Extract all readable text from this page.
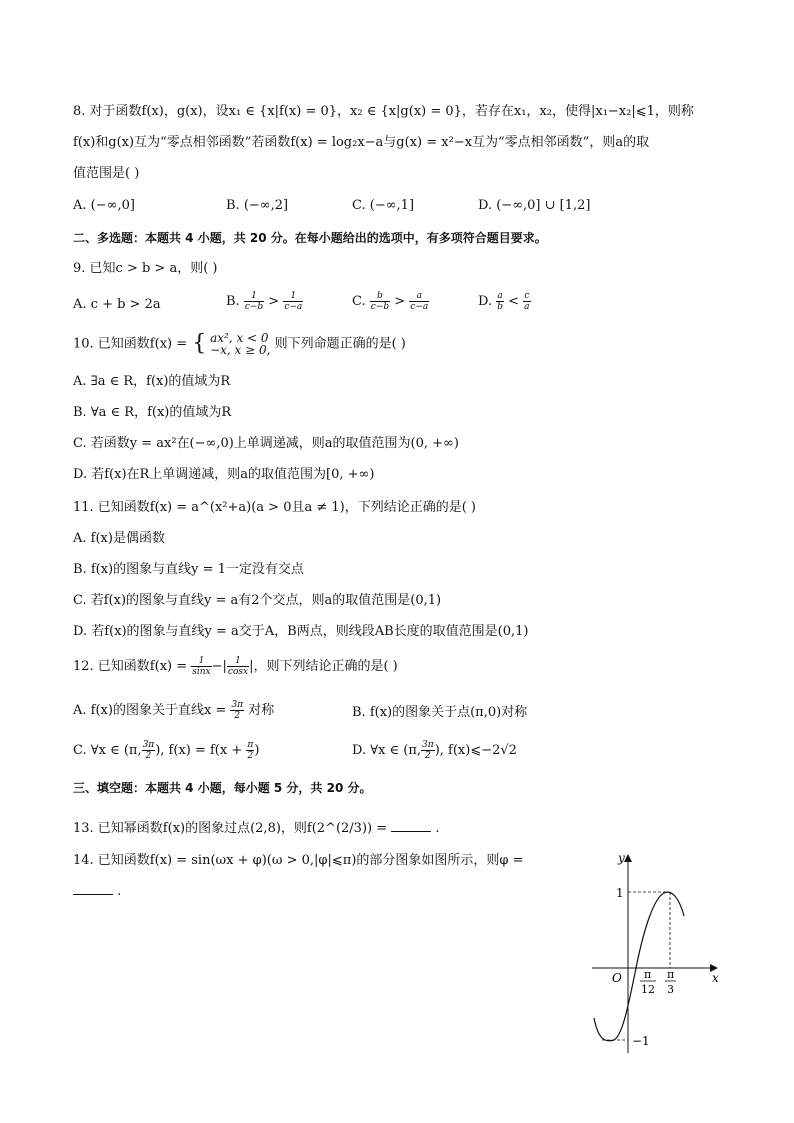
8. 对于函数f(x)，g(x)，设x₁ ∈ {x|f(x) = 0}，x₂ ∈ {x|g(x) = 0}，若存在x₁，x₂，使得|x₁−x₂|⩽1，则称
f(x)和g(x)互为“零点相邻函数”若函数f(x) = log₂x−a与g(x) = x²−x互为“零点相邻函数”，则a的取
值范围是( )
A. (−∞,0]	B. (−∞,2]	C. (−∞,1]	D. (−∞,0] ∪ [1,2]
二、多选题：本题共 4 小题，共 20 分。在每小题给出的选项中，有多项符合题目要求。
9. 已知c > b > a，则( )
A. c + b > 2a	B. $\frac{1}{c-b} > \frac{1}{c-a}$	C. $\frac{b}{c-b} > \frac{a}{c-a}$	D. $\frac{a}{b} < \frac{c}{a}$
10. 已知函数f(x) = { ax², x < 0
−x, x ≥ 0, 则下列命题正确的是( )
A. ∃a ∈ R，f(x)的值域为R
B. ∀a ∈ R，f(x)的值域为R
C. 若函数y = ax²在(−∞,0)上单调递减，则a的取值范围为(0, +∞)
D. 若f(x)在R上单调递减，则a的取值范围为[0, +∞)
11. 已知函数f(x) = a^(x²+a)(a > 0且a ≠ 1)，下列结论正确的是( )
A. f(x)是偶函数
B. f(x)的图象与直线y = 1一定没有交点
C. 若f(x)的图象与直线y = a有2个交点，则a的取值范围是(0,1)
D. 若f(x)的图象与直线y = a交于A，B两点，则线段AB长度的取值范围是(0,1)
12. 已知函数$f(x) = \frac{1}{\sin x}$ −| $\frac{1}{\cos x}$ |，则下列结论正确的是( )
A. f(x)的图象关于直线$x = \frac{3\pi}{2}$ 对称	B. f(x)的图象关于点(π,0)对称
C. ∀x ∈ (π, $\frac{3\pi}{2}$ ), $f(x) = f(x + \frac{\pi}{2}$ )	D. ∀x ∈ (π, $\frac{3\pi}{2}$ ), f(x)⩽−2√2
三、填空题：本题共 4 小题，每小题 5 分，共 20 分。
13. 已知幂函数f(x)的图象过点(2,8)，则f(2^(2/3)) =	.
14. 已知函数f(x) = sin(ωx + φ)(ω > 0,|φ|⩽π)的部分图象如图所示，则φ =
.
y
x
O
1
−1
π
12
π
3
